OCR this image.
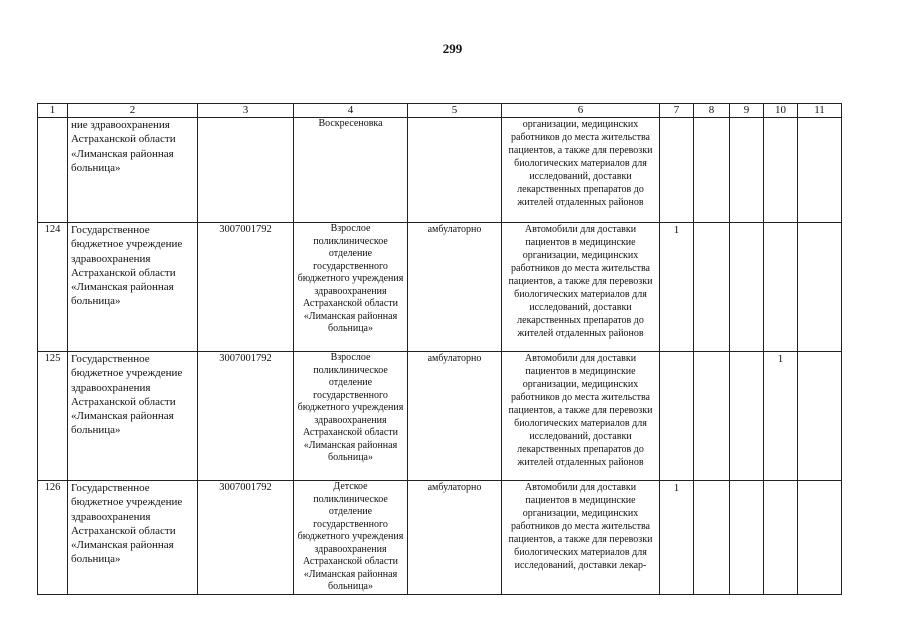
299
1	2	3	4	5	6	7	8	9	10	11
	ние здравоохранения Астраханской области «Лиманская районная больница»		Воскресеновка		организации, медицинских работников до места жительства пациентов, а также для перевозки биологических материалов для исследований, доставки лекарственных препаратов до жителей отдаленных районов					
124	Государственное бюджетное учреждение здравоохранения Астраханской области «Лиманская районная больница»	3007001792	Взрослое поликлиническое отделение государственного бюджетного учреждения здравоохранения Астраханской области «Лиманская районная больница»	амбулаторно	Автомобили для доставки пациентов в медицинские организации, медицинских работников до места жительства пациентов, а также для перевозки биологических материалов для исследований, доставки лекарственных препаратов до жителей отдаленных районов	1				
125	Государственное бюджетное учреждение здравоохранения Астраханской области «Лиманская районная больница»	3007001792	Взрослое поликлиническое отделение государственного бюджетного учреждения здравоохранения Астраханской области «Лиманская районная больница»	амбулаторно	Автомобили для доставки пациентов в медицинские организации, медицинских работников до места жительства пациентов, а также для перевозки биологических материалов для исследований, доставки лекарственных препаратов до жителей отдаленных районов				1	
126	Государственное бюджетное учреждение здравоохранения Астраханской области «Лиманская районная больница»	3007001792	Детское поликлиническое отделение государственного бюджетного учреждения здравоохранения Астраханской области «Лиманская районная больница»	амбулаторно	Автомобили для доставки пациентов в медицинские организации, медицинских работников до места жительства пациентов, а также для перевозки биологических материалов для исследований, доставки лекар-	1				
